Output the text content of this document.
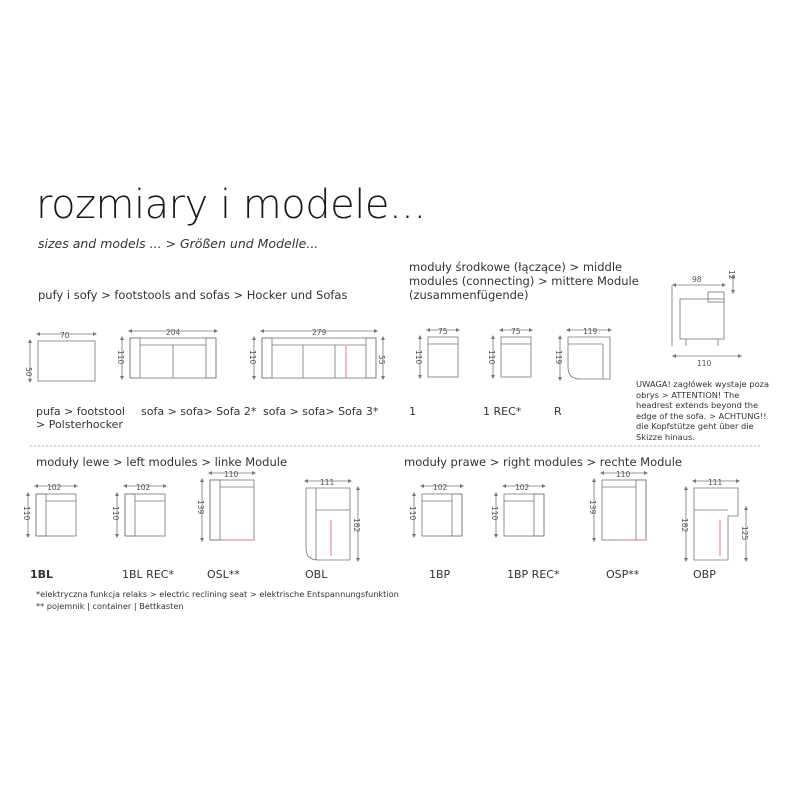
rozmiary i modele...
sizes and models ... > Größen und Modelle...
pufy i sofy > footstools and sofas > Hocker und Sofas
moduły środkowe (łączące) > middle
modules (connecting) > mittere Module
(zusammenfügende)
70
50
204
110
279
110	55
75
110
75
110
119
119
98	12
110
102
110
102
110
110
139
111
182
102
110
102
110
110
139
111
182
125
pufa > footstool
> Polsterhocker
sofa > sofa> Sofa 2* sofa > sofa> Sofa 3*	1	1 REC*	R
UWAGA! zagłówek wystaje poza obrys > ATTENTION! The headrest extends beyond the edge of the sofa. > ACHTUNG!! die Kopfstütze geht über die Skizze hinaus.
moduły lewe > left modules > linke Module	moduły prawe > right modules > rechte Module
1BL	1BL REC*	OSL**	OBL	1BP	1BP REC*	OSP**	OBP
*elektryczna funkcja relaks > electric reclining seat > elektrische Entspannungsfunktion
** pojemnik | container | Bettkasten
